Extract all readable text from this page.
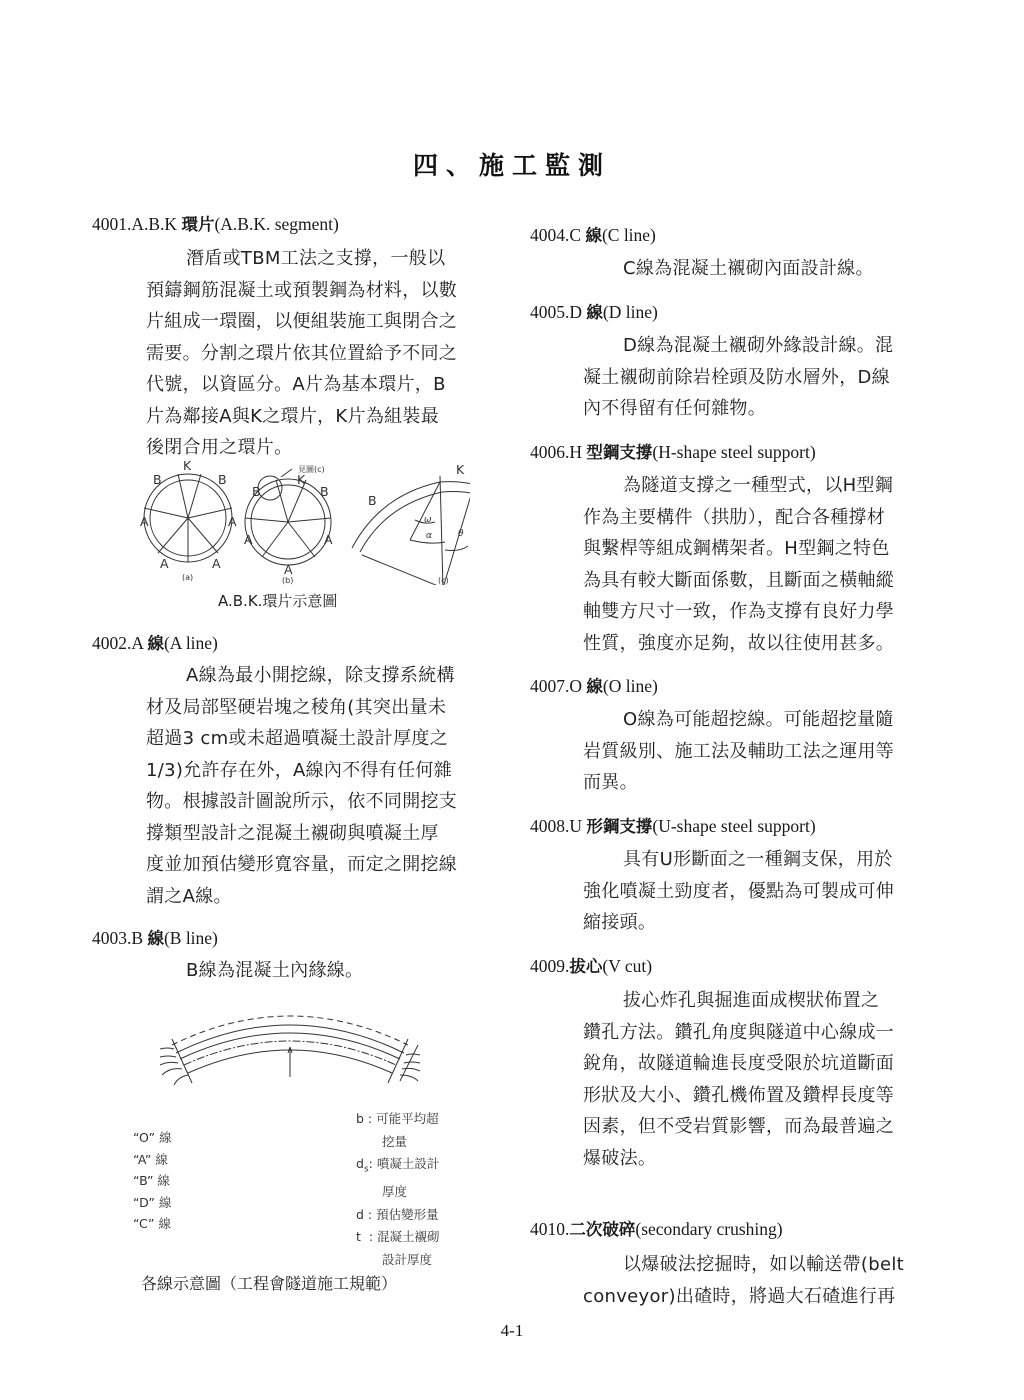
四、施工監測
4001.A.B.K 環片(A.B.K. segment)
潛盾或TBM工法之支撐，一般以
預鑄鋼筋混凝土或預製鋼為材料，以數
片組成一環圈，以便組裝施工與閉合之
需要。分割之環片依其位置給予不同之
代號，以資區分。A片為基本環片，B
片為鄰接A與K之環片，K片為組裝最
後閉合用之環片。
K
B	B
A	A
A	A
(a)
見圖(c)
K
B	B
A	A
A
(b)
B
K
ω
α	θ
(c)
A.B.K.環片示意圖
4002.A 線(A line)
A線為最小開挖線，除支撐系統構
材及局部堅硬岩塊之稜角(其突出量未
超過3 cm或未超過噴凝土設計厚度之
1/3)允許存在外，A線內不得有任何雜
物。根據設計圖說所示，依不同開挖支
撐類型設計之混凝土襯砌與噴凝土厚
度並加預估變形寬容量，而定之開挖線
謂之A線。
4003.B 線(B line)
B線為混凝土內緣線。
“O” 線
“A” 線
“B” 線
“D” 線
“C” 線
b : 可能平均超
挖量
$d_s$: 噴凝土設計
厚度
d : 預估變形量
t  : 混凝土襯砌
設計厚度
各線示意圖（工程會隧道施工規範）
4004.C 線(C line)
C線為混凝土襯砌內面設計線。
4005.D 線(D line)
D線為混凝土襯砌外緣設計線。混
凝土襯砌前除岩栓頭及防水層外，D線
內不得留有任何雜物。
4006.H 型鋼支撐(H-shape steel support)
為隧道支撐之一種型式，以H型鋼
作為主要構件（拱肋），配合各種撐材
與繫桿等組成鋼構架者。H型鋼之特色
為具有較大斷面係數，且斷面之橫軸縱
軸雙方尺寸一致，作為支撐有良好力學
性質，強度亦足夠，故以往使用甚多。
4007.O 線(O line)
O線為可能超挖線。可能超挖量隨
岩質級別、施工法及輔助工法之運用等
而異。
4008.U 形鋼支撐(U-shape steel support)
具有U形斷面之一種鋼支保，用於
強化噴凝土勁度者，優點為可製成可伸
縮接頭。
4009.拔心(V cut)
拔心炸孔與掘進面成楔狀佈置之
鑽孔方法。鑽孔角度與隧道中心線成一
銳角，故隧道輪進長度受限於坑道斷面
形狀及大小、鑽孔機佈置及鑽桿長度等
因素，但不受岩質影響，而為最普遍之
爆破法。
4010.二次破碎(secondary crushing)
以爆破法挖掘時，如以輸送帶(belt
conveyor)出碴時，將過大石碴進行再
4-1
